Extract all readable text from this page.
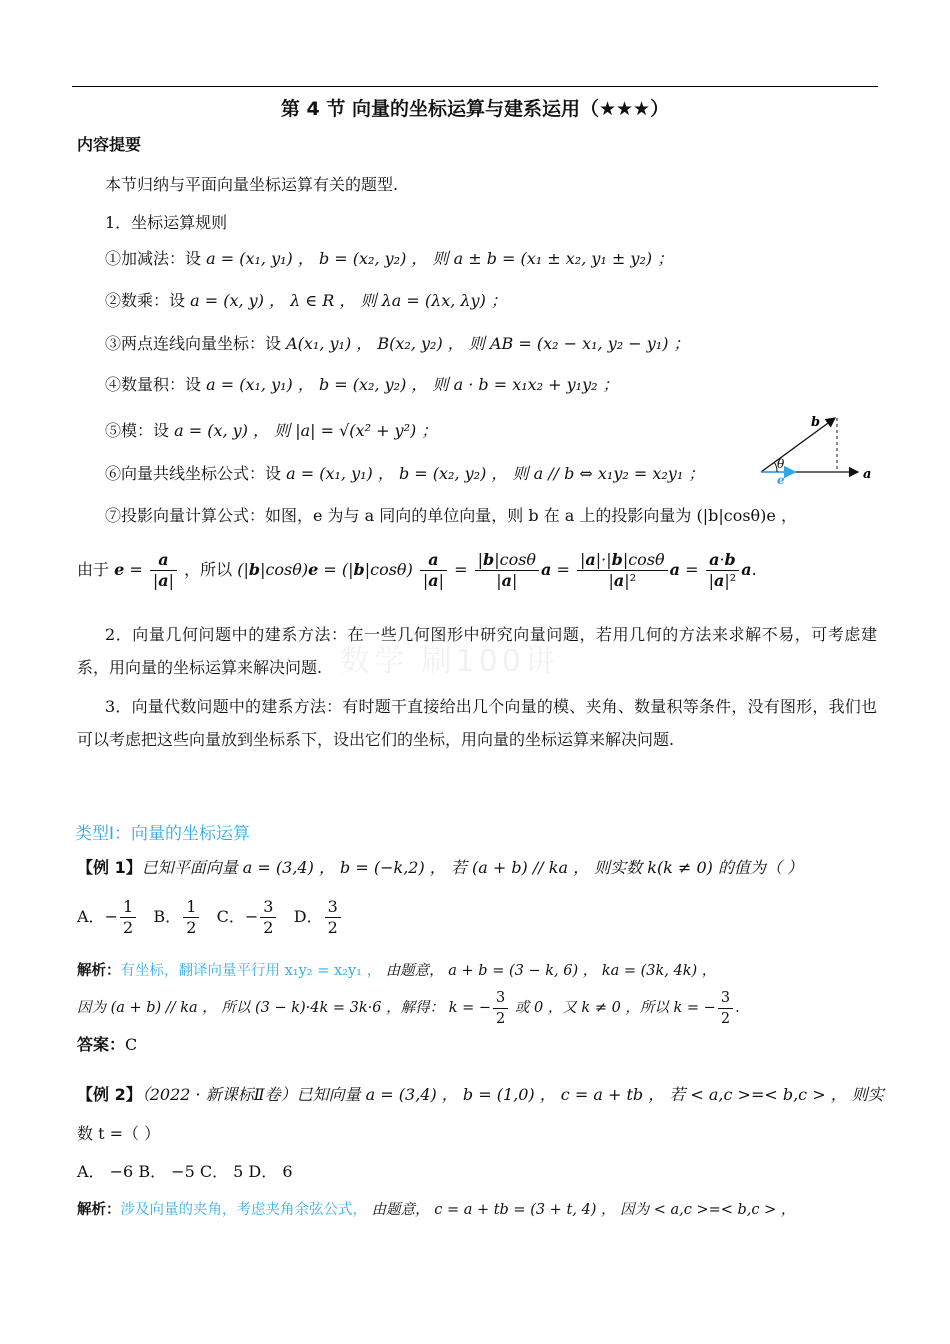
第 4 节 向量的坐标运算与建系运用（★★★）
内容提要
本节归纳与平面向量坐标运算有关的题型.
1．坐标运算规则
①加减法：设 a = (x₁, y₁) ， b = (x₂, y₂) ， 则 a ± b = (x₁ ± x₂, y₁ ± y₂) ；
②数乘：设 a = (x, y) ， λ ∈ R ， 则 λa = (λx, λy) ；
③两点连线向量坐标：设 A(x₁, y₁) ， B(x₂, y₂) ， 则 AB = (x₂ − x₁, y₂ − y₁) ；
④数量积：设 a = (x₁, y₁) ， b = (x₂, y₂) ， 则 a · b = x₁x₂ + y₁y₂ ；
⑤模：设 a = (x, y) ， 则 |a| = √(x² + y²) ；
⑥向量共线坐标公式：设 a = (x₁, y₁) ， b = (x₂, y₂) ， 则 a // b ⇔ x₁y₂ = x₂y₁ ；
b
a
e
θ
⑦投影向量计算公式：如图，e 为与 a 同向的单位向量，则 b 在 a 上的投影向量为 (|b|cosθ)e ，
由于 $e = \frac{a}{|a|}$ ，所以 $(|b|\cos\theta)e = (|b|\cos\theta) \frac{a}{|a|} = \frac{|b|\cos\theta}{|a|}$ $a = \frac{|a|\cdot|b|\cos\theta}{\text{|a|²}}$ $a = \frac{a\cdot b}{\text{|a|²}} a$.
2．向量几何问题中的建系方法：在一些几何图形中研究向量问题，若用几何的方法来求解不易，可考虑建系，用向量的坐标运算来解决问题. 数学 刷100讲
3．向量代数问题中的建系方法：有时题干直接给出几个向量的模、夹角、数量积等条件，没有图形，我们也可以考虑把这些向量放到坐标系下，设出它们的坐标，用向量的坐标运算来解决问题.
类型Ⅰ：向量的坐标运算
【例 1】已知平面向量 a = (3,4) ， b = (−k,2) ， 若 (a + b) // ka ， 则实数 k(k ≠ 0) 的值为（ ）
A．− $\frac{1}{2}$ B． $\frac{1}{2}$ C．− $\frac{3}{2}$ D． $\frac{3}{2}$
解析：有坐标，翻译向量平行用 x₁y₂ = x₂y₁ ， 由题意， a + b = (3 − k, 6) ， ka = (3k, 4k) ，
因为 (a + b) // ka ， 所以 (3 − k)·4k = 3k·6 ，解得： k = − $\frac{3}{2}$ 或 0 ，又 k ≠ 0 ，所以 k = − $\frac{3}{2}$ .
答案：C
【例 2】（2022 · 新课标Ⅱ卷）已知向量 a = (3,4) ， b = (1,0) ， c = a + tb ， 若 < a,c >=< b,c > ， 则实
数 t =（ ）
A． −6 B． −5 C． 5 D． 6
解析：涉及向量的夹角，考虑夹角余弦公式， 由题意， c = a + tb = (3 + t, 4) ， 因为 < a,c >=< b,c > ，
